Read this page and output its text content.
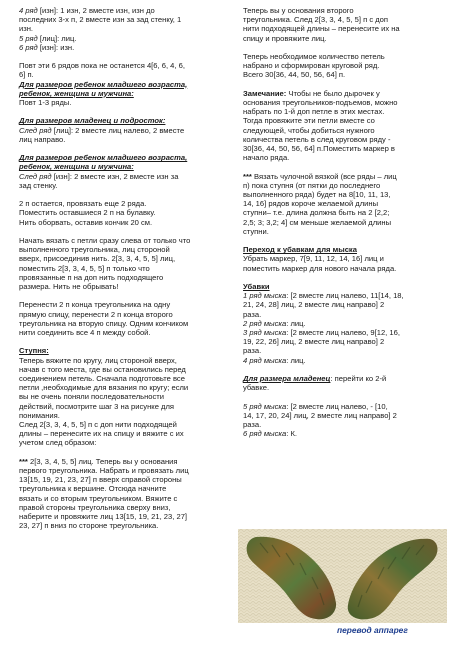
4 ряд [изн]: 1 изн, 2 вместе изн, изн до
последних 3-х п, 2 вместе изн за зад стенку, 1
изн.
5 ряд [лиц]: лиц.
6 ряд [изн]: изн.
Повт эти 6 рядов пока не останется 4[6, 6, 4, 6,
6] п.
Для размеров ребенок младшего возраста,
ребенок, женщина и мужчина:
Повт 1-3 ряды.
Для размеров младенец и подросток:
След ряд [лиц]: 2 вместе лиц налево, 2 вместе
лиц направо.
Для размеров ребенок младшего возраста,
ребенок, женщина и мужчина:
След ряд [изн]: 2 вместе изн, 2 вместе изн за
зад стенку.
2 п остается, провязать еще 2 ряда.
Поместить оставшиеся 2 п на булавку.
Нить оборвать, оставив кончик 20 см.
Начать вязать с петли сразу слева от только что
выполненного треугольника, лиц стороной
вверх, присоединив нить. 2[3, 3, 4, 5, 5] лиц,
поместить 2[3, 3, 4, 5, 5] п только что
провязанные п на доп нить подходящего
размера. Нить не обрывать!
Перенести 2 п конца треугольника на одну
прямую спицу, перенести 2 п конца второго
треугольника на вторую спицу. Одним кончиком
нити соединить все 4 п между собой.
Ступня:
Теперь вяжите по кругу, лиц стороной вверх,
начав с того места, где вы остановились перед
соединением петель. Сначала подготовьте все
петли ,необходимые для вязания по кругу; если
вы не очень поняли последовательности
действий, посмотрите шаг 3 на рисунке для
понимания.
След 2[3, 3, 4, 5, 5] п с доп нити подходящей
длины – перенесите их на спицу и вяжите с их
учетом след образом:
*** 2[3, 3, 4, 5, 5] лиц. Теперь вы у основания
первого треугольника. Набрать и провязать лиц
13[15, 19, 21, 23, 27] п вверх справой стороны
треугольника к вершине. Отсюда начните
вязать и со вторым треугольником. Вяжите с
правой стороны треугольника сверху вниз,
наберите и провяжите лиц 13[15, 19, 21, 23, 27]
23, 27] п вниз по стороне треугольника.
Теперь вы у основания второго
треугольника. След 2[3, 3, 4, 5, 5] п с доп
нити подходящей длины – перенесите их на
спицу и провяжите лиц.
Теперь необходимое количество петель
набрано и сформирован круговой ряд.
Всего 30[36, 44, 50, 56, 64] п.
Замечание: Чтобы не было дырочек у
основания треугольников-подъемов, можно
набрать по 1-й доп петле в этих местах.
Тогда провяжите эти петли вместе со
следующей, чтобы добиться нужного
количества петель в след круговом ряду -
30[36, 44, 50, 56, 64] п.Поместить маркер в
начало ряда.
*** Вязать чулочной вязкой (все ряды – лиц
п) пока ступня (от пятки до последнего
выполненного ряда) будет на 8[10, 11, 13,
14, 16] рядов короче желаемой длины
ступни– т.е. длина должна быть на 2 [2,2;
2,5; 3; 3,2; 4] см меньше желаемой длины
ступни.
Переход к убавкам для мыска
Убрать маркер, 7[9, 11, 12, 14, 16] лиц и
поместить маркер для нового начала ряда.
Убавки
1 ряд мыска: [2 вместе лиц налево, 11[14, 18,
21, 24, 28] лиц, 2 вместе лиц направо] 2
раза.
2 ряд мыска: лиц.
3 ряд мыска: [2 вместе лиц налево, 9[12, 16,
19, 22, 26] лиц, 2 вместе лиц направо] 2
раза.
4 ряд мыска: лиц.
Для размера младенец: перейти ко 2-й
убавке.
5 ряд мыска: [2 вместе лиц налево, - [10,
14, 17, 20, 24] лиц, 2 вместе лиц направо] 2
раза.
6 ряд мыска: К.
перевод аппарег
